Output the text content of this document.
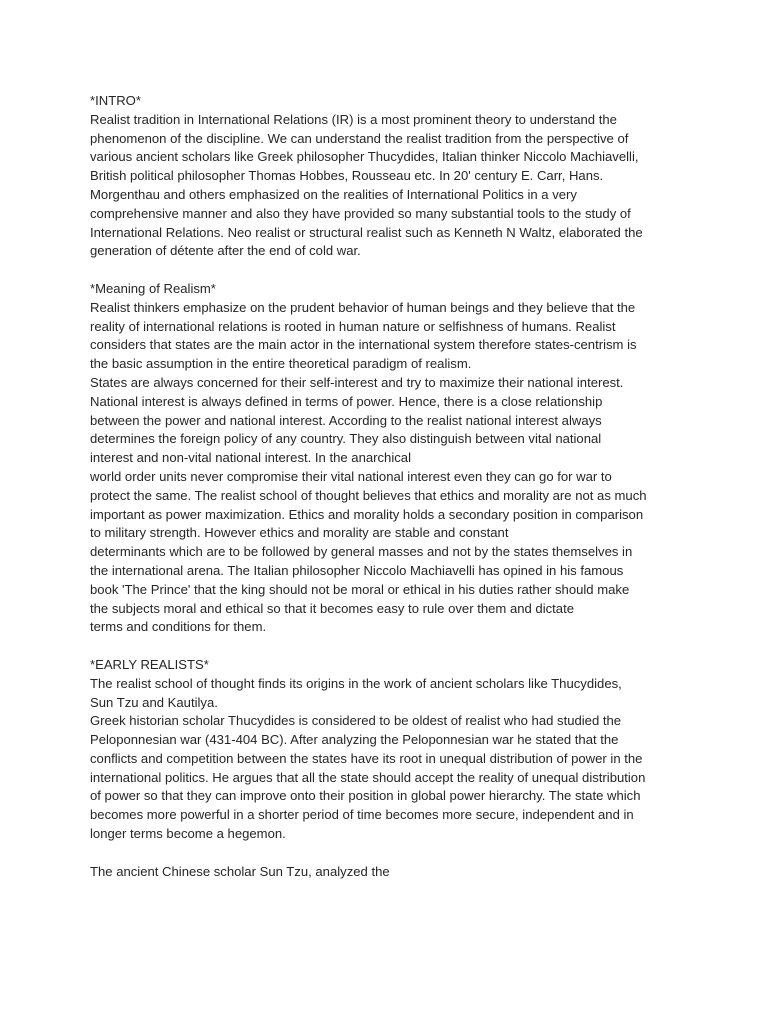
*INTRO*
Realist tradition in International Relations (IR) is a most prominent theory to understand the
phenomenon of the discipline. We can understand the realist tradition from the perspective of
various ancient scholars like Greek philosopher Thucydides, Italian thinker Niccolo Machiavelli,
British political philosopher Thomas Hobbes, Rousseau etc. In 20' century E. Carr, Hans.
Morgenthau and others emphasized on the realities of International Politics in a very
comprehensive manner and also they have provided so many substantial tools to the study of
International Relations. Neo realist or structural realist such as Kenneth N Waltz, elaborated the
generation of détente after the end of cold war.
*Meaning of Realism*
Realist thinkers emphasize on the prudent behavior of human beings and they believe that the
reality of international relations is rooted in human nature or selfishness of humans. Realist
considers that states are the main actor in the international system therefore states-centrism is
the basic assumption in the entire theoretical paradigm of realism.
States are always concerned for their self-interest and try to maximize their national interest.
National interest is always defined in terms of power. Hence, there is a close relationship
between the power and national interest. According to the realist national interest always
determines the foreign policy of any country. They also distinguish between vital national
interest and non-vital national interest. In the anarchical
world order units never compromise their vital national interest even they can go for war to
protect the same. The realist school of thought believes that ethics and morality are not as much
important as power maximization. Ethics and morality holds a secondary position in comparison
to military strength. However ethics and morality are stable and constant
determinants which are to be followed by general masses and not by the states themselves in
the international arena. The Italian philosopher Niccolo Machiavelli has opined in his famous
book 'The Prince' that the king should not be moral or ethical in his duties rather should make
the subjects moral and ethical so that it becomes easy to rule over them and dictate
terms and conditions for them.
*EARLY REALISTS*
The realist school of thought finds its origins in the work of ancient scholars like Thucydides,
Sun Tzu and Kautilya.
Greek historian scholar Thucydides is considered to be oldest of realist who had studied the
Peloponnesian war (431-404 BC). After analyzing the Peloponnesian war he stated that the
conflicts and competition between the states have its root in unequal distribution of power in the
international politics. He argues that all the state should accept the reality of unequal distribution
of power so that they can improve onto their position in global power hierarchy. The state which
becomes more powerful in a shorter period of time becomes more secure, independent and in
longer terms become a hegemon.
The ancient Chinese scholar Sun Tzu, analyzed the
